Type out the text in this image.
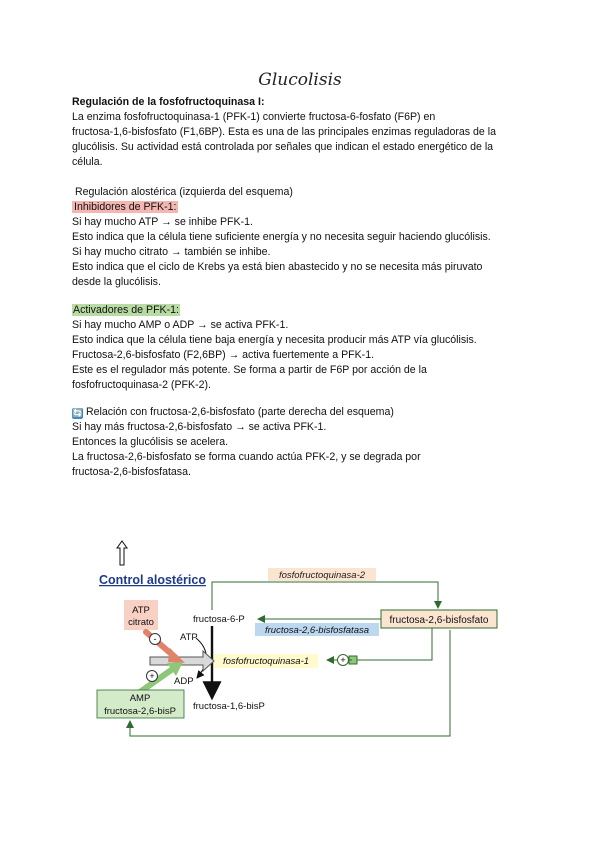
Glucolisis

Regulación de la fosfofructoquinasa I:

La enzima fosfofructoquinasa-1 (PFK-1) convierte fructosa-6-fosfato (F6P) en

fructosa-1,6-bisfosfato (F1,6BP). Esta es una de las principales enzimas reguladoras de la

glucólisis. Su actividad está controlada por señales que indican el estado energético de la

célula.

Regulación alostérica (izquierda del esquema)

Inhibidores de PFK-1:

Si hay mucho ATP → se inhibe PFK-1.

Esto indica que la célula tiene suficiente energía y no necesita seguir haciendo glucólisis.

Si hay mucho citrato → también se inhibe.

Esto indica que el ciclo de Krebs ya está bien abastecido y no se necesita más piruvato

desde la glucólisis.

Activadores de PFK-1:

Si hay mucho AMP o ADP → se activa PFK-1.

Esto indica que la célula tiene baja energía y necesita producir más ATP vía glucólisis.

Fructosa-2,6-bisfosfato (F2,6BP) → activa fuertemente a PFK-1.

Este es el regulador más potente. Se forma a partir de F6P por acción de la

fosfofructoquinasa-2 (PFK-2).

🔄 Relación con fructosa-2,6-bisfosfato (parte derecha del esquema)

Si hay más fructosa-2,6-bisfosfato → se activa PFK-1.

Entonces la glucólisis se acelera.

La fructosa-2,6-bisfosfato se forma cuando actúa PFK-2, y se degrada por

fructosa-2,6-bisfosfatasa.

Control alostérico	fosfofructoquinasa-2
fructosa-2,6-bisfosfato
fructosa-6-P
fructosa-2,6-bisfosfatasa
+
fosfofructoquinasa-1
ATP
ADP
ATP
citrato
-
+
AMP
fructosa-2,6-bisP fructosa-1,6-bisP
